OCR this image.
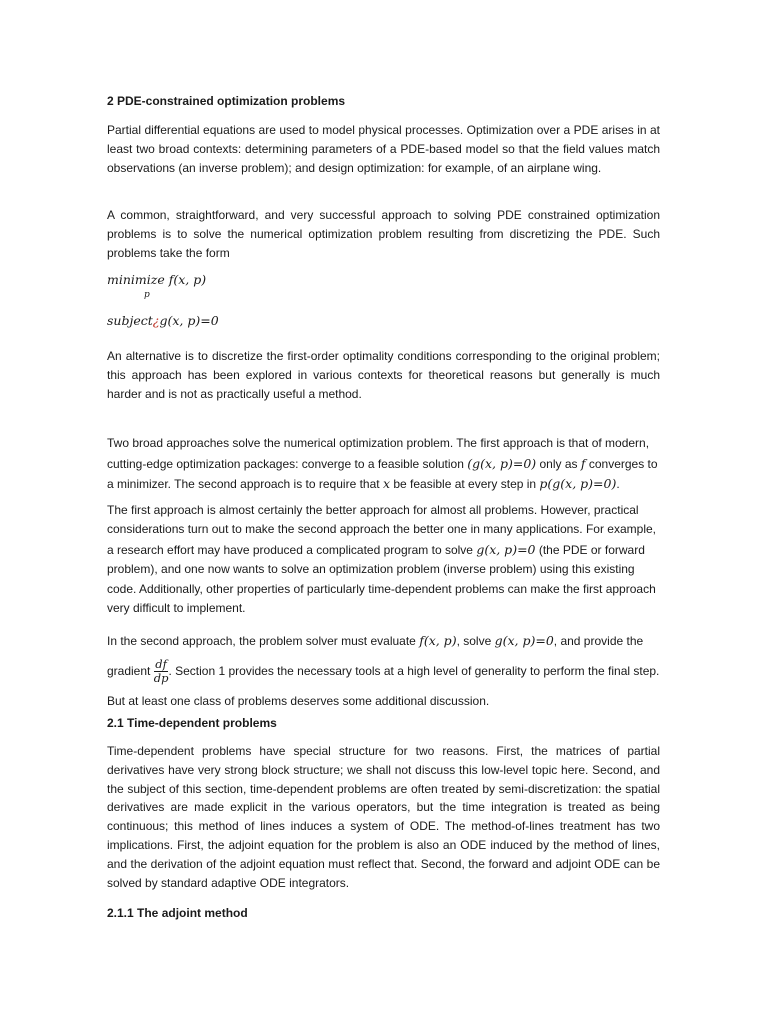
2 PDE-constrained optimization problems

Partial differential equations are used to model physical processes. Optimization over a PDE arises in at least two broad contexts: determining parameters of a PDE-based model so that the field values match observations (an inverse problem); and design optimization: for example, of an airplane wing.

A common, straightforward, and very successful approach to solving PDE constrained optimization problems is to solve the numerical optimization problem resulting from discretizing the PDE. Such problems take the form

minimize f(x, p)
p
subject¿g(x, p)=0

An alternative is to discretize the first-order optimality conditions corresponding to the original problem; this approach has been explored in various contexts for theoretical reasons but generally is much harder and is not as practically useful a method.

Two broad approaches solve the numerical optimization problem. The first approach is that of modern, cutting-edge optimization packages: converge to a feasible solution (g(x, p)=0) only as f converges to a minimizer. The second approach is to require that x be feasible at every step in p(g(x, p)=0).

The first approach is almost certainly the better approach for almost all problems. However, practical considerations turn out to make the second approach the better one in many applications. For example, a research effort may have produced a complicated program to solve g(x, p)=0 (the PDE or forward problem), and one now wants to solve an optimization problem (inverse problem) using this existing code. Additionally, other properties of particularly time-dependent problems can make the first approach very difficult to implement.

In the second approach, the problem solver must evaluate f(x, p), solve g(x, p)=0, and provide the gradient $\frac{df}{dp}$ . Section 1 provides the necessary tools at a high level of generality to perform the final step. But at least one class of problems deserves some additional discussion.

2.1 Time-dependent problems

Time-dependent problems have special structure for two reasons. First, the matrices of partial derivatives have very strong block structure; we shall not discuss this low-level topic here. Second, and the subject of this section, time-dependent problems are often treated by semi-discretization: the spatial derivatives are made explicit in the various operators, but the time integration is treated as being continuous; this method of lines induces a system of ODE. The method-of-lines treatment has two implications. First, the adjoint equation for the problem is also an ODE induced by the method of lines, and the derivation of the adjoint equation must reflect that. Second, the forward and adjoint ODE can be solved by standard adaptive ODE integrators.

2.1.1 The adjoint method
